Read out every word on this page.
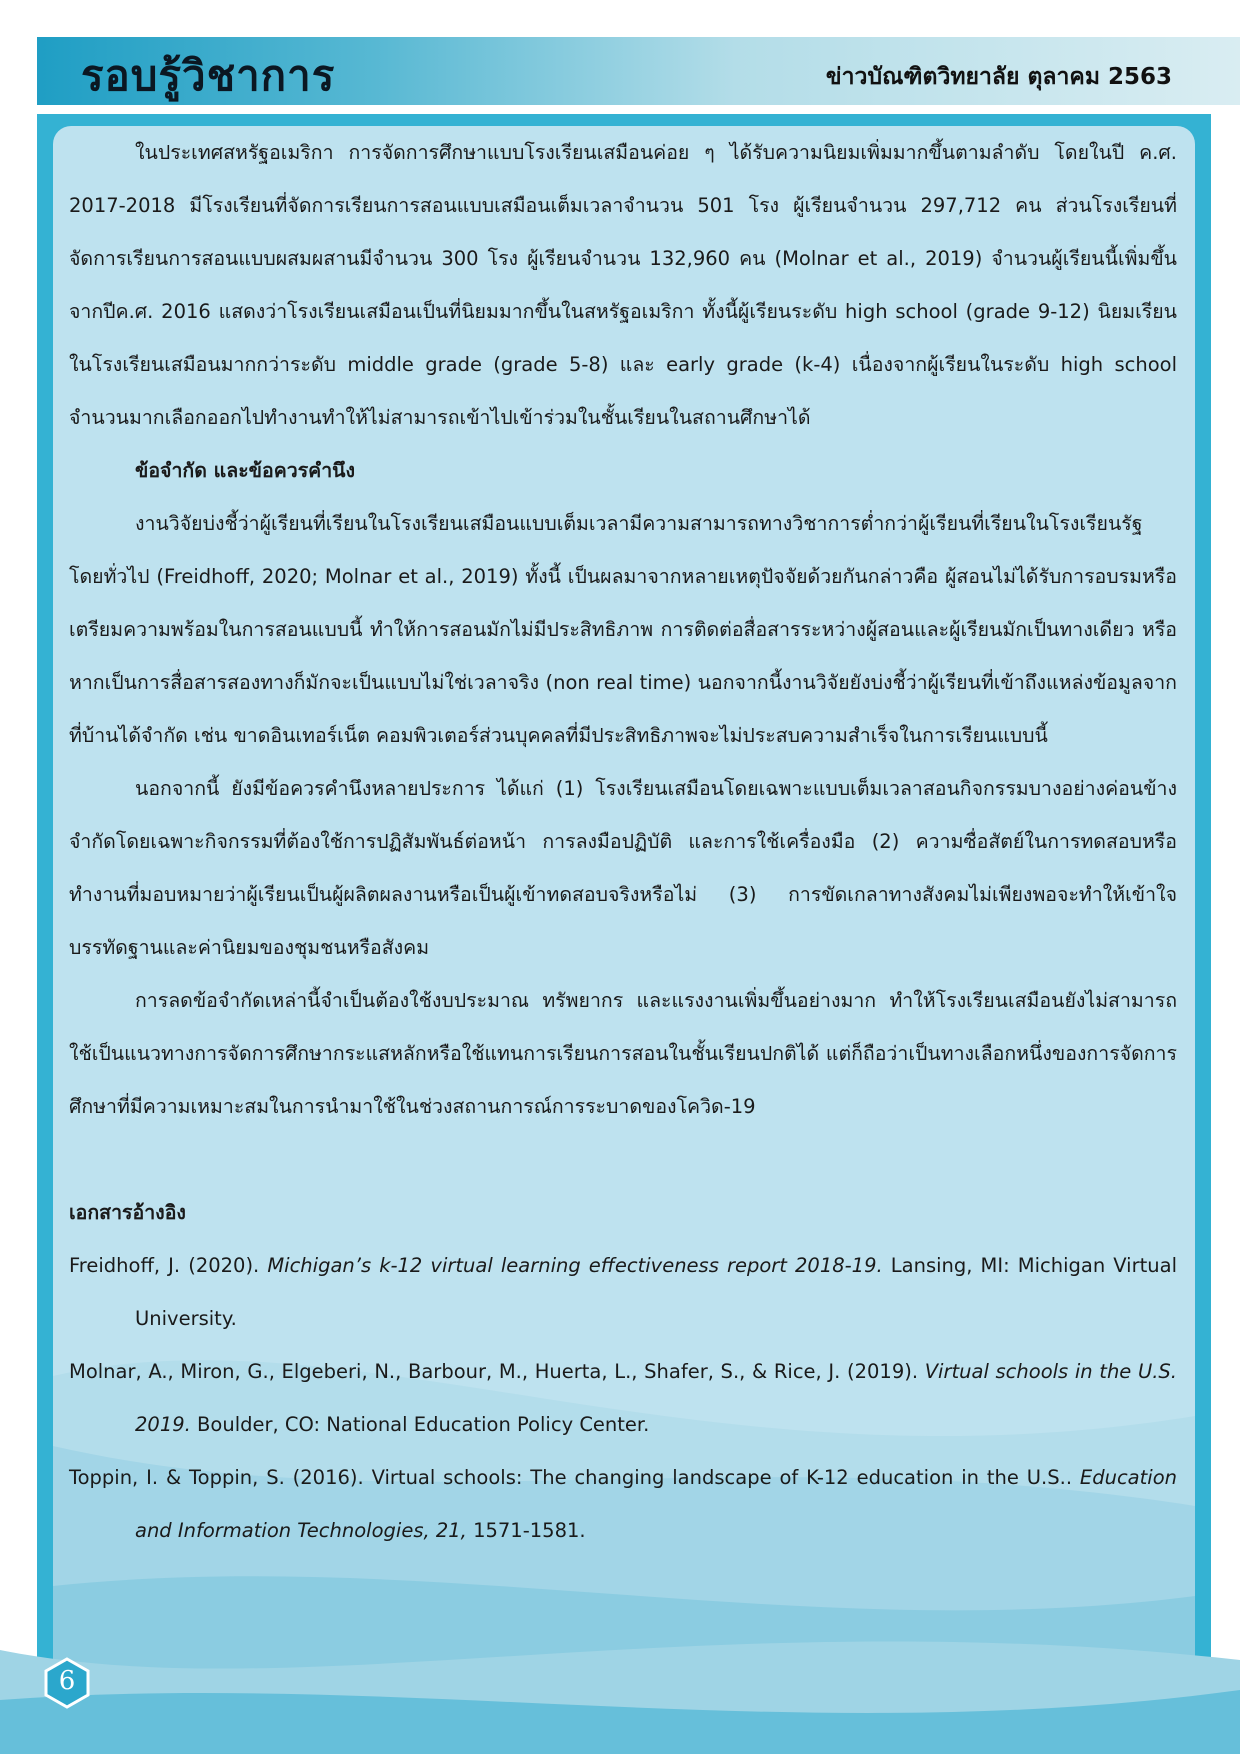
รอบรู้วิชาการ	ข่าวบัณฑิตวิทยาลัย ตุลาคม 2563

ในประเทศสหรัฐอเมริกา การจัดการศึกษาแบบโรงเรียนเสมือนค่อย ๆ ได้รับความนิยมเพิ่มมากขึ้นตามลำดับ โดยในปี ค.ศ. 2017-2018 มีโรงเรียนที่จัดการเรียนการสอนแบบเสมือนเต็มเวลาจำนวน 501 โรง ผู้เรียนจำนวน 297,712 คน ส่วนโรงเรียนที่จัดการเรียนการสอนแบบผสมผสานมีจำนวน 300 โรง ผู้เรียนจำนวน 132,960 คน (Molnar et al., 2019) จำนวนผู้เรียนนี้เพิ่มขึ้นจากปีค.ศ. 2016 แสดงว่าโรงเรียนเสมือนเป็นที่นิยมมากขึ้นในสหรัฐอเมริกา ทั้งนี้ผู้เรียนระดับ high school (grade 9-12) นิยมเรียนในโรงเรียนเสมือนมากกว่าระดับ middle grade (grade 5-8) และ early grade (k-4) เนื่องจากผู้เรียนในระดับ high school จำนวนมากเลือกออกไปทำงานทำให้ไม่สามารถเข้าไปเข้าร่วมในชั้นเรียนในสถานศึกษาได้

ข้อจำกัด และข้อควรคำนึง

งานวิจัยบ่งชี้ว่าผู้เรียนที่เรียนในโรงเรียนเสมือนแบบเต็มเวลามีความสามารถทางวิชาการต่ำกว่าผู้เรียนที่เรียนในโรงเรียนรัฐโดยทั่วไป (Freidhoff, 2020; Molnar et al., 2019) ทั้งนี้ เป็นผลมาจากหลายเหตุปัจจัยด้วยกันกล่าวคือ ผู้สอนไม่ได้รับการอบรมหรือเตรียมความพร้อมในการสอนแบบนี้ ทำให้การสอนมักไม่มีประสิทธิภาพ การติดต่อสื่อสารระหว่างผู้สอนและผู้เรียนมักเป็นทางเดียว หรือหากเป็นการสื่อสารสองทางก็มักจะเป็นแบบไม่ใช่เวลาจริง (non real time) นอกจากนี้งานวิจัยยังบ่งชี้ว่าผู้เรียนที่เข้าถึงแหล่งข้อมูลจากที่บ้านได้จำกัด เช่น ขาดอินเทอร์เน็ต คอมพิวเตอร์ส่วนบุคคลที่มีประสิทธิภาพจะไม่ประสบความสำเร็จในการเรียนแบบนี้

นอกจากนี้ ยังมีข้อควรคำนึงหลายประการ ได้แก่ (1) โรงเรียนเสมือนโดยเฉพาะแบบเต็มเวลาสอนกิจกรรมบางอย่างค่อนข้างจำกัดโดยเฉพาะกิจกรรมที่ต้องใช้การปฏิสัมพันธ์ต่อหน้า การลงมือปฏิบัติ และการใช้เครื่องมือ (2) ความซื่อสัตย์ในการทดสอบหรือทำงานที่มอบหมายว่าผู้เรียนเป็นผู้ผลิตผลงานหรือเป็นผู้เข้าทดสอบจริงหรือไม่ (3) การขัดเกลาทางสังคมไม่เพียงพอจะทำให้เข้าใจบรรทัดฐานและค่านิยมของชุมชนหรือสังคม

การลดข้อจำกัดเหล่านี้จำเป็นต้องใช้งบประมาณ ทรัพยากร และแรงงานเพิ่มขึ้นอย่างมาก ทำให้โรงเรียนเสมือนยังไม่สามารถใช้เป็นแนวทางการจัดการศึกษากระแสหลักหรือใช้แทนการเรียนการสอนในชั้นเรียนปกติได้ แต่ก็ถือว่าเป็นทางเลือกหนึ่งของการจัดการศึกษาที่มีความเหมาะสมในการนำมาใช้ในช่วงสถานการณ์การระบาดของโควิด-19

เอกสารอ้างอิง

Freidhoff, J. (2020). Michigan’s k-12 virtual learning effectiveness report 2018-19. Lansing, MI: Michigan Virtual University.

Molnar, A., Miron, G., Elgeberi, N., Barbour, M., Huerta, L., Shafer, S., & Rice, J. (2019). Virtual schools in the U.S. 2019. Boulder, CO: National Education Policy Center.

Toppin, I. & Toppin, S. (2016). Virtual schools: The changing landscape of K-12 education in the U.S.. Education and Information Technologies, 21, 1571-1581.

6
